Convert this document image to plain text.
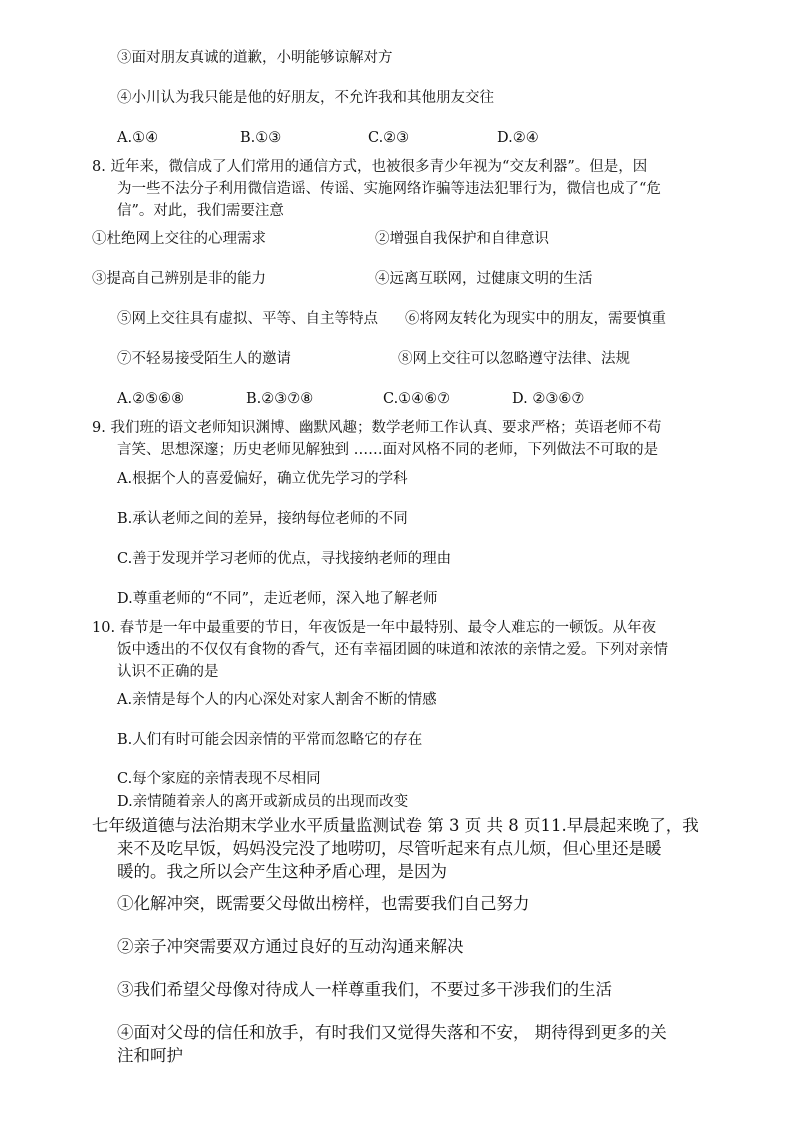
③面对朋友真诚的道歉，小明能够谅解对方
④小川认为我只能是他的好朋友，不允许我和其他朋友交往
A.①④	B.①③	C.②③	D.②④
8. 近年来，微信成了人们常用的通信方式，也被很多青少年视为“交友利器”。但是，因
为一些不法分子利用微信造谣、传谣、实施网络诈骗等违法犯罪行为，微信也成了“危
信”。对此，我们需要注意
①杜绝网上交往的心理需求	②增强自我保护和自律意识
③提高自己辨别是非的能力	④远离互联网，过健康文明的生活
⑤网上交往具有虚拟、平等、自主等特点 ⑥将网友转化为现实中的朋友，需要慎重
⑦不轻易接受陌生人的邀请	⑧网上交往可以忽略遵守法律、法规
A.②⑤⑥⑧	B.②③⑦⑧	C.①④⑥⑦	D. ②③⑥⑦
9. 我们班的语文老师知识渊博、幽默风趣；数学老师工作认真、要求严格；英语老师不苟
言笑、思想深邃；历史老师见解独到 ……面对风格不同的老师，下列做法不可取的是
A.根据个人的喜爱偏好，确立优先学习的学科
B.承认老师之间的差异，接纳每位老师的不同
C.善于发现并学习老师的优点，寻找接纳老师的理由
D.尊重老师的“不同”，走近老师，深入地了解老师
10. 春节是一年中最重要的节日，年夜饭是一年中最特别、最令人难忘的一顿饭。从年夜
饭中透出的不仅仅有食物的香气，还有幸福团圆的味道和浓浓的亲情之爱。下列对亲情
认识不正确的是
A.亲情是每个人的内心深处对家人割舍不断的情感
B.人们有时可能会因亲情的平常而忽略它的存在
C.每个家庭的亲情表现不尽相同
D.亲情随着亲人的离开或新成员的出现而改变
七年级道德与法治期末学业水平质量监测试卷 第 3 页 共 8 页11.早晨起来晚了，我
来不及吃早饭，妈妈没完没了地唠叨，尽管听起来有点儿烦，但心里还是暖
暖的。我之所以会产生这种矛盾心理，是因为
①化解冲突，既需要父母做出榜样，也需要我们自己努力
②亲子冲突需要双方通过良好的互动沟通来解决
③我们希望父母像对待成人一样尊重我们，不要过多干涉我们的生活
④面对父母的信任和放手，有时我们又觉得失落和不安， 期待得到更多的关
注和呵护
